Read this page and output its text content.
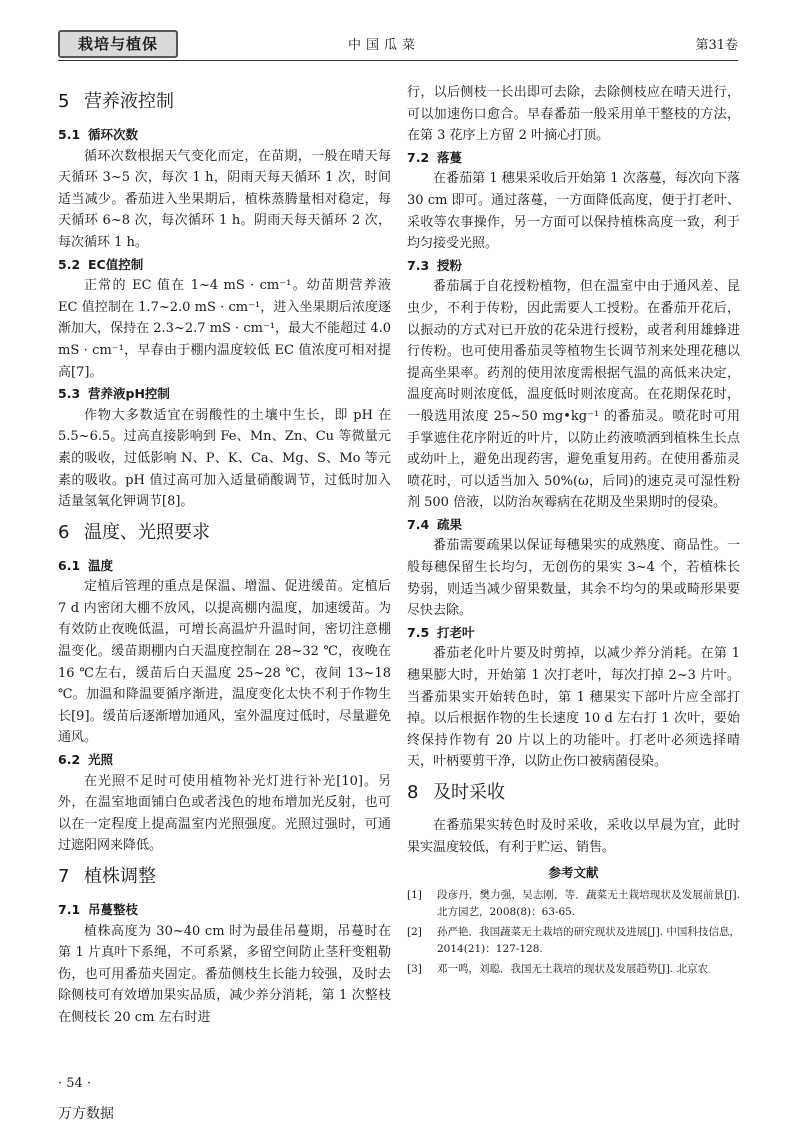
栽培与植保	中国瓜菜	第31卷
5 营养液控制
5.1 循环次数

循环次数根据天气变化而定，在苗期，一般在晴天每天循环 3~5 次，每次 1 h，阴雨天每天循环 1 次，时间适当减少。番茄进入坐果期后，植株蒸腾量相对稳定，每天循环 6~8 次，每次循环 1 h。阴雨天每天循环 2 次，每次循环 1 h。

5.2 EC值控制

正常的 EC 值在 1~4 mS · cm⁻¹。幼苗期营养液 EC 值控制在 1.7~2.0 mS · cm⁻¹，进入坐果期后浓度逐渐加大，保持在 2.3~2.7 mS · cm⁻¹，最大不能超过 4.0 mS · cm⁻¹，早春由于棚内温度较低 EC 值浓度可相对提高[7]。

5.3 营养液pH控制

作物大多数适宜在弱酸性的土壤中生长，即 pH 在 5.5~6.5。过高直接影响到 Fe、Mn、Zn、Cu 等微量元素的吸收，过低影响 N、P、K、Ca、Mg、S、Mo 等元素的吸收。pH 值过高可加入适量硝酸调节，过低时加入适量氢氧化钾调节[8]。

6 温度、光照要求
6.1 温度

定植后管理的重点是保温、增温、促进缓苗。定植后 7 d 内密闭大棚不放风，以提高棚内温度，加速缓苗。为有效防止夜晚低温，可增长高温炉升温时间，密切注意棚温变化。缓苗期棚内白天温度控制在 28~32 ℃，夜晚在 16 ℃左右，缓苗后白天温度 25~28 ℃，夜间 13~18 ℃。加温和降温要循序渐进，温度变化太快不利于作物生长[9]。缓苗后逐渐增加通风，室外温度过低时，尽量避免通风。

6.2 光照

在光照不足时可使用植物补光灯进行补光[10]。另外，在温室地面铺白色或者浅色的地布增加光反射，也可以在一定程度上提高温室内光照强度。光照过强时，可通过遮阳网来降低。

7 植株调整
7.1 吊蔓整枝

植株高度为 30~40 cm 时为最佳吊蔓期，吊蔓时在第 1 片真叶下系绳，不可系紧，多留空间防止茎秆变粗勒伤，也可用番茄夹固定。番茄侧枝生长能力较强，及时去除侧枝可有效增加果实品质，减少养分消耗，第 1 次整枝在侧枝长 20 cm 左右时进

行，以后侧枝一长出即可去除，去除侧枝应在晴天进行，可以加速伤口愈合。早春番茄一般采用单干整枝的方法，在第 3 花序上方留 2 叶摘心打顶。

7.2 落蔓

在番茄第 1 穗果采收后开始第 1 次落蔓，每次向下落 30 cm 即可。通过落蔓，一方面降低高度，便于打老叶、采收等农事操作，另一方面可以保持植株高度一致，利于均匀接受光照。

7.3 授粉

番茄属于自花授粉植物，但在温室中由于通风差、昆虫少，不利于传粉，因此需要人工授粉。在番茄开花后，以振动的方式对已开放的花朵进行授粉，或者利用雄蜂进行传粉。也可使用番茄灵等植物生长调节剂来处理花穗以提高坐果率。药剂的使用浓度需根据气温的高低来决定，温度高时则浓度低，温度低时则浓度高。在花期保花时，一般选用浓度 25~50 mg•kg⁻¹ 的番茄灵。喷花时可用手掌遮住花序附近的叶片，以防止药液喷洒到植株生长点或幼叶上，避免出现药害，避免重复用药。在使用番茄灵喷花时，可以适当加入 50%(ω，后同)的速克灵可湿性粉剂 500 倍液，以防治灰霉病在花期及坐果期时的侵染。

7.4 疏果

番茄需要疏果以保证每穗果实的成熟度、商品性。一般每穗保留生长均匀，无创伤的果实 3~4 个，若植株长势弱，则适当减少留果数量，其余不均匀的果或畸形果要尽快去除。

7.5 打老叶

番茄老化叶片要及时剪掉，以减少养分消耗。在第 1 穗果膨大时，开始第 1 次打老叶，每次打掉 2~3 片叶。当番茄果实开始转色时，第 1 穗果实下部叶片应全部打掉。以后根据作物的生长速度 10 d 左右打 1 次叶，要始终保持作物有 20 片以上的功能叶。打老叶必须选择晴天，叶柄要剪干净，以防止伤口被病菌侵染。

8 及时采收

在番茄果实转色时及时采收，采收以早晨为宜，此时果实温度较低，有利于贮运、销售。

参考文献
[1]	段彦丹，樊力强，吴志刚，等．蔬菜无土栽培现状及发展前景[J]. 北方园艺，2008(8)：63-65.
[2]	孙严艳．我国蔬菜无土栽培的研究现状及进展[J]. 中国科技信息，2014(21)：127-128.
[3]	邓一鸣，刘聪．我国无土栽培的现状及发展趋势[J]. 北京农
· 54 ·
万方数据
